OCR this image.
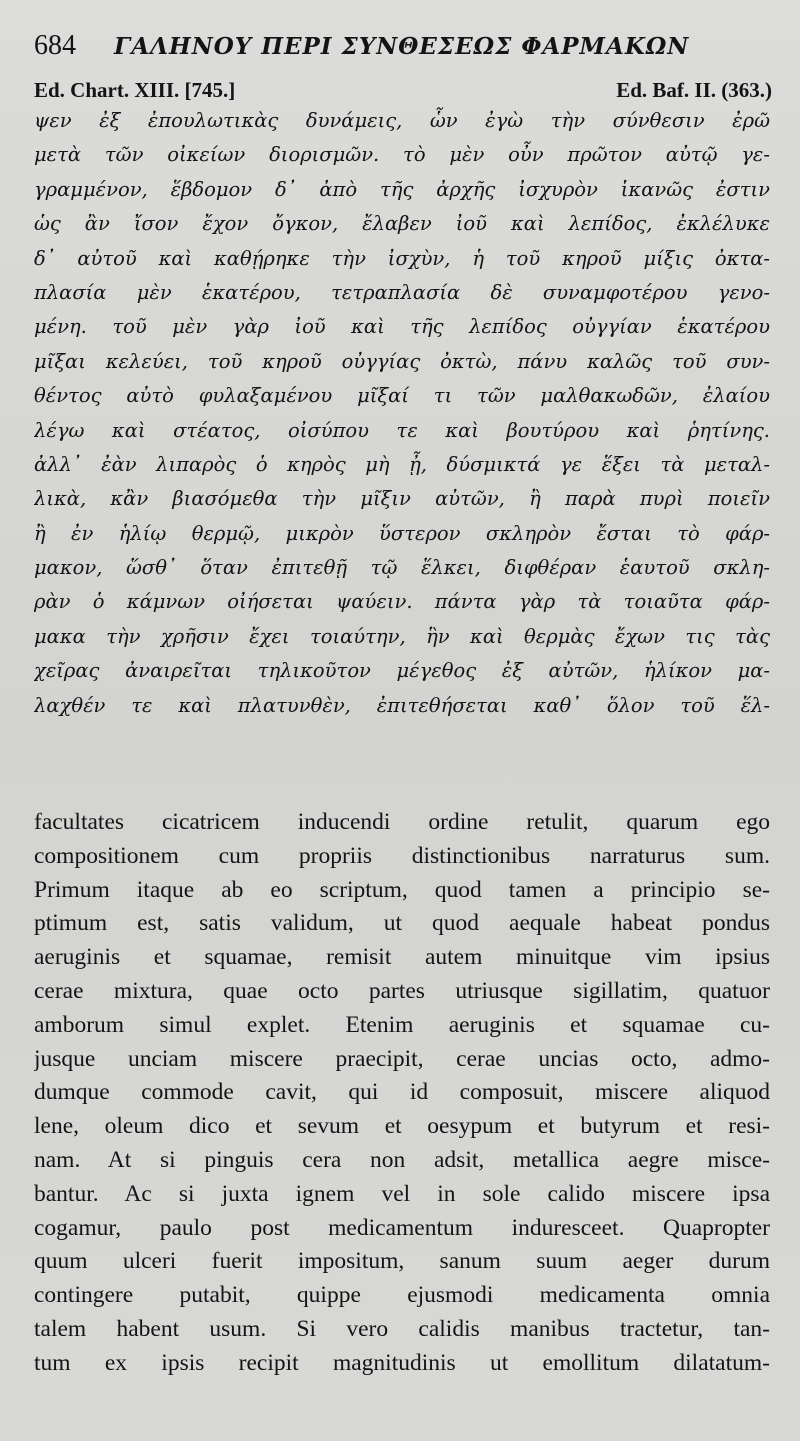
684 ΓΑΛΗΝΟΥ ΠΕΡΙ ΣΥΝΘΕΣΕΩΣ ΦΑΡΜΑΚΩΝ
Ed. Chart. XIII. [745.]	Ed. Baf. II. (363.)
ψεν ἐξ ἐπουλωτικὰς δυνάμεις, ὧν ἐγὼ τὴν σύνθεσιν ἐρῶ
μετὰ τῶν οἰκείων διορισμῶν. τὸ μὲν οὖν πρῶτον αὐτῷ γε-
γραμμένον, ἕβδομον δ᾽ ἀπὸ τῆς ἀρχῆς ἰσχυρὸν ἱκανῶς ἐστιν
ὡς ἂν ἴσον ἔχον ὄγκον, ἔλαβεν ἰοῦ καὶ λεπίδος, ἐκλέλυκε
δ᾽ αὐτοῦ καὶ καθῄρηκε τὴν ἰσχὺν, ἡ τοῦ κηροῦ μίξις ὀκτα-
πλασία μὲν ἑκατέρου, τετραπλασία δὲ συναμφοτέρου γενο-
μένη. τοῦ μὲν γὰρ ἰοῦ καὶ τῆς λεπίδος οὐγγίαν ἑκατέρου
μῖξαι κελεύει, τοῦ κηροῦ οὐγγίας ὀκτὼ, πάνυ καλῶς τοῦ συν-
θέντος αὐτὸ φυλαξαμένου μῖξαί τι τῶν μαλθακωδῶν, ἐλαίου
λέγω καὶ στέατος, οἰσύπου τε καὶ βουτύρου καὶ ῥητίνης.
ἀλλ᾽ ἐὰν λιπαρὸς ὁ κηρὸς μὴ ᾖ, δύσμικτά γε ἕξει τὰ μεταλ-
λικὰ, κἂν βιασόμεθα τὴν μῖξιν αὐτῶν, ἢ παρὰ πυρὶ ποιεῖν
ἢ ἐν ἡλίῳ θερμῷ, μικρὸν ὕστερον σκληρὸν ἔσται τὸ φάρ-
μακον, ὥσθ᾽ ὅταν ἐπιτεθῇ τῷ ἕλκει, διφθέραν ἑαυτοῦ σκλη-
ρὰν ὁ κάμνων οἰήσεται ψαύειν. πάντα γὰρ τὰ τοιαῦτα φάρ-
μακα τὴν χρῆσιν ἔχει τοιαύτην, ἣν καὶ θερμὰς ἔχων τις τὰς
χεῖρας ἀναιρεῖται τηλικοῦτον μέγεθος ἐξ αὐτῶν, ἡλίκον μα-
λαχθέν τε καὶ πλατυνθὲν, ἐπιτεθήσεται καθ᾽ ὅλον τοῦ ἕλ-
facultates cicatricem inducendi ordine retulit, quarum ego
compositionem cum propriis distinctionibus narraturus sum.
Primum itaque ab eo scriptum, quod tamen a principio se-
ptimum est, satis validum, ut quod aequale habeat pondus
aeruginis et squamae, remisit autem minuitque vim ipsius
cerae mixtura, quae octo partes utriusque sigillatim, quatuor
amborum simul explet. Etenim aeruginis et squamae cu-
jusque unciam miscere praecipit, cerae uncias octo, admo-
dumque commode cavit, qui id composuit, miscere aliquod
lene, oleum dico et sevum et oesypum et butyrum et resi-
nam. At si pinguis cera non adsit, metallica aegre misce-
bantur. Ac si juxta ignem vel in sole calido miscere ipsa
cogamur, paulo post medicamentum induresceet. Quapropter
quum ulceri fuerit impositum, sanum suum aeger durum
contingere putabit, quippe ejusmodi medicamenta omnia
talem habent usum. Si vero calidis manibus tractetur, tan-
tum ex ipsis recipit magnitudinis ut emollitum dilatatum-
